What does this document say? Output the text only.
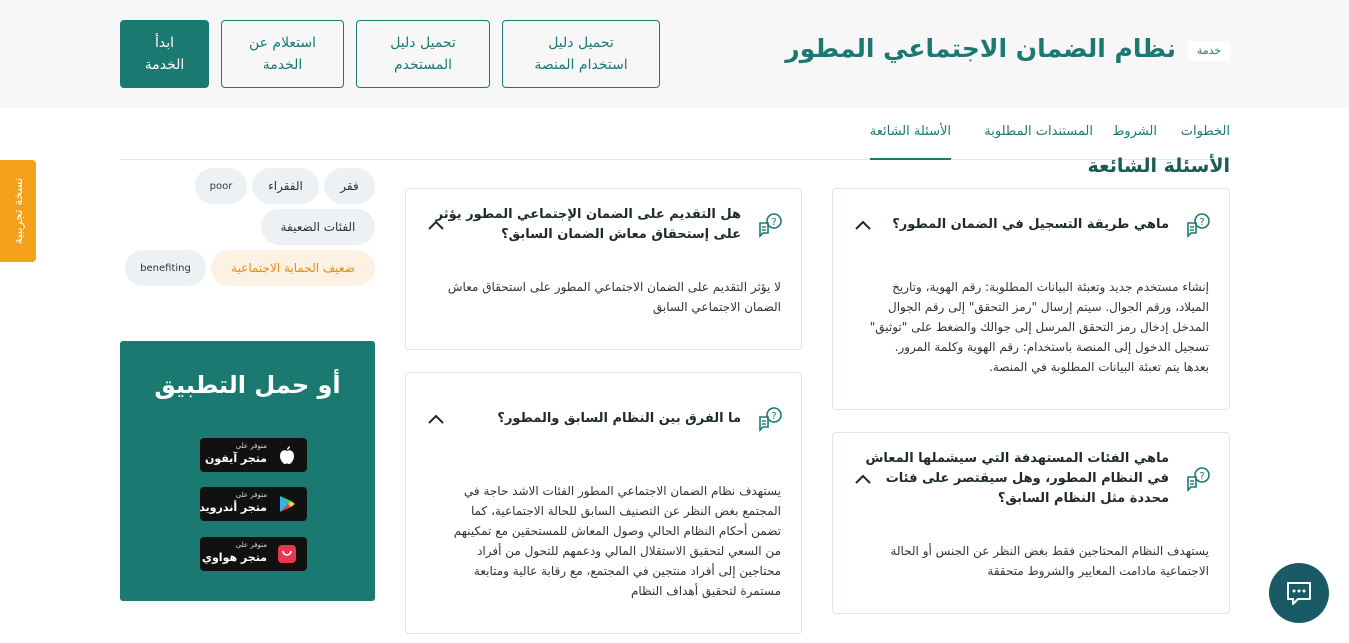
خدمة
نظام الضمان الاجتماعي المطور
تحميل دليل
استخدام المنصة
تحميل دليل
المستخدم
استعلام عن
الخدمة
ابدأ
الخدمة
الخطوات
الشروط
المستندات المطلوبة
الأسئلة الشائعة
الأسئلة الشائعة
?
ماهي طريقة التسجيل في الضمان المطور؟
إنشاء مستخدم جديد وتعبئة البيانات المطلوبة: رقم الهوية، وتاريخ
الميلاد، ورقم الجوال. سيتم إرسال "رمز التحقق" إلى رقم الجوال
المدخل إدخال رمز التحقق المرسل إلى جوالك والضغط على "توثيق"
تسجيل الدخول إلى المنصة باستخدام: رقم الهوية وكلمة المرور.
بعدها يتم تعبئة البيانات المطلوبة في المنصة.
?
ماهي الفئات المستهدفة التي سيشملها المعاش
في النظام المطور، وهل سيقتصر على فئات
محددة مثل النظام السابق؟
يستهدف النظام المحتاجين فقط بغض النظر عن الجنس أو الحالة
الاجتماعية مادامت المعايير والشروط متحققة
?
هل التقديم على الضمان الإجتماعي المطور يؤثر
على إستحقاق معاش الضمان السابق؟
لا يؤثر التقديم على الضمان الاجتماعي المطور على استحقاق معاش
الضمان الاجتماعي السابق
?
ما الفرق بين النظام السابق والمطور؟
يستهدف نظام الضمان الاجتماعي المطور الفئات الاشد حاجة في
المجتمع بغض النظر عن التصنيف السابق للحالة الاجتماعية، كما
تضمن أحكام النظام الحالي وصول المعاش للمستحقين مع تمكينهم
من السعي لتحقيق الاستقلال المالي ودعمهم للتحول من أفراد
محتاجين إلى أفراد منتجين في المجتمع، مع رقابة عالية ومتابعة
مستمرة لتحقيق أهداف النظام
فقر
الفقراء
poor
الفئات الضعيفة
ضعيف الحماية الاجتماعية
benefiting
أو حمل التطبيق
متوفر على
متجر آيفون
متوفر على
متجر أندرويد
متوفر على
متجر هواوي
نسخة تجريبية
